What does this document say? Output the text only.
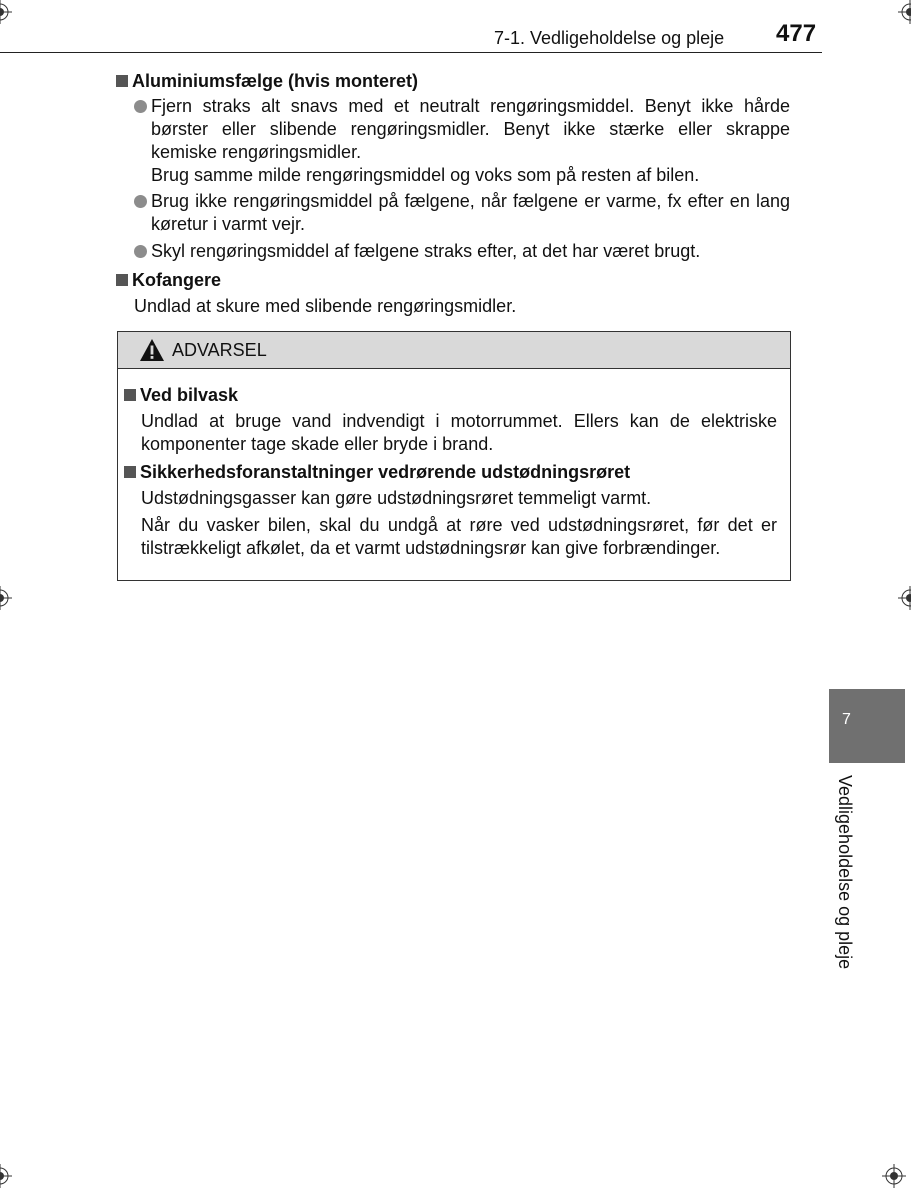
7-1. Vedligeholdelse og pleje 477
Aluminiumsfælge (hvis monteret)
Fjern straks alt snavs med et neutralt rengøringsmiddel. Benyt ikke hårde børster eller slibende rengøringsmidler. Benyt ikke stærke eller skrappe kemiske rengøringsmidler.
Brug samme milde rengøringsmiddel og voks som på resten af bilen.
Brug ikke rengøringsmiddel på fælgene, når fælgene er varme, fx efter en lang køretur i varmt vejr.
Skyl rengøringsmiddel af fælgene straks efter, at det har været brugt.
Kofangere
Undlad at skure med slibende rengøringsmidler.
ADVARSEL
Ved bilvask
Undlad at bruge vand indvendigt i motorrummet. Ellers kan de elektriske komponenter tage skade eller bryde i brand.
Sikkerhedsforanstaltninger vedrørende udstødningsrøret
Udstødningsgasser kan gøre udstødningsrøret temmeligt varmt.
Når du vasker bilen, skal du undgå at røre ved udstødningsrøret, før det er tilstrækkeligt afkølet, da et varmt udstødningsrør kan give forbrændinger.
7
Vedligeholdelse og pleje
